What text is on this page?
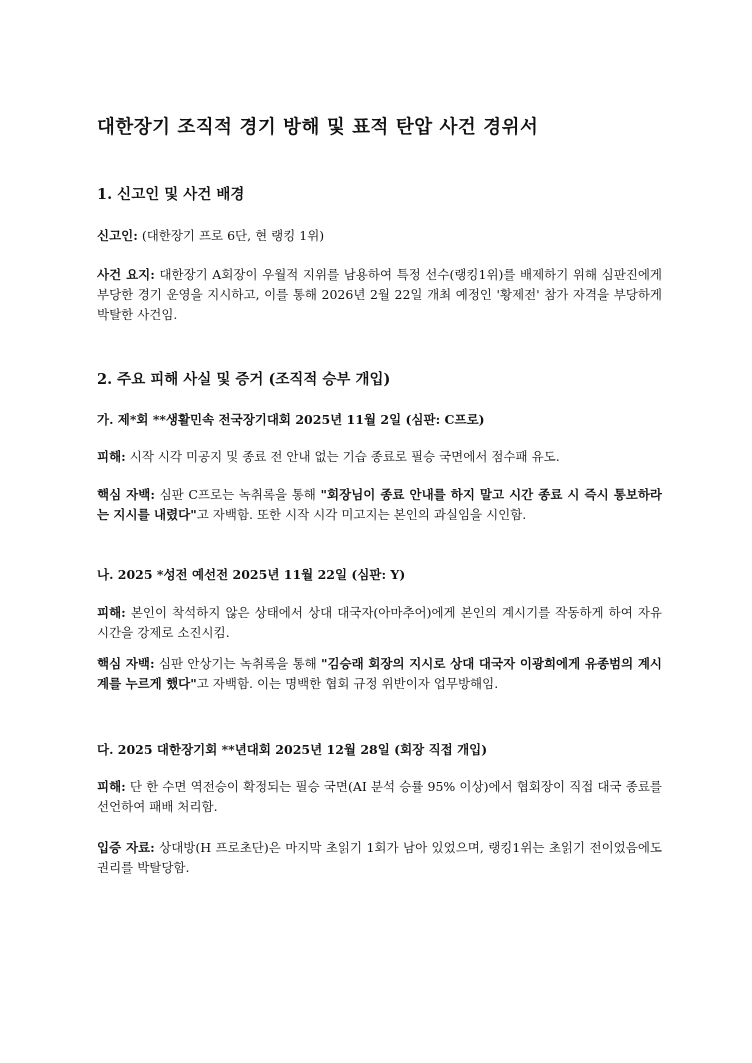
대한장기 조직적 경기 방해 및 표적 탄압 사건 경위서
1. 신고인 및 사건 배경
신고인: (대한장기 프로 6단, 현 랭킹 1위)
사건 요지: 대한장기 A회장이 우월적 지위를 남용하여 특정 선수(랭킹1위)를 배제하기 위해 심판진에게 부당한 경기 운영을 지시하고, 이를 통해 2026년 2월 22일 개최 예정인 '황제전' 참가 자격을 부당하게 박탈한 사건임.
2. 주요 피해 사실 및 증거 (조직적 승부 개입)
가. 제*회 **생활민속 전국장기대회 2025년 11월 2일 (심판: C프로)
피해: 시작 시각 미공지 및 종료 전 안내 없는 기습 종료로 필승 국면에서 점수패 유도.
핵심 자백: 심판 C프로는 녹취록을 통해 "회장님이 종료 안내를 하지 말고 시간 종료 시 즉시 통보하라는 지시를 내렸다"고 자백함. 또한 시작 시각 미고지는 본인의 과실임을 시인함.
나. 2025 *성전 예선전 2025년 11월 22일 (심판: Y)
피해: 본인이 착석하지 않은 상태에서 상대 대국자(아마추어)에게 본인의 계시기를 작동하게 하여 자유시간을 강제로 소진시킴.
핵심 자백: 심판 안상기는 녹취록을 통해 "김승래 회장의 지시로 상대 대국자 이광희에게 유종범의 계시계를 누르게 했다"고 자백함. 이는 명백한 협회 규정 위반이자 업무방해임.
다. 2025 대한장기회 **년대회 2025년 12월 28일 (회장 직접 개입)
피해: 단 한 수면 역전승이 확정되는 필승 국면(AI 분석 승률 95% 이상)에서 협회장이 직접 대국 종료를 선언하여 패배 처리함.
입증 자료: 상대방(H 프로초단)은 마지막 초읽기 1회가 남아 있었으며, 랭킹1위는 초읽기 전이었음에도 권리를 박탈당함.
